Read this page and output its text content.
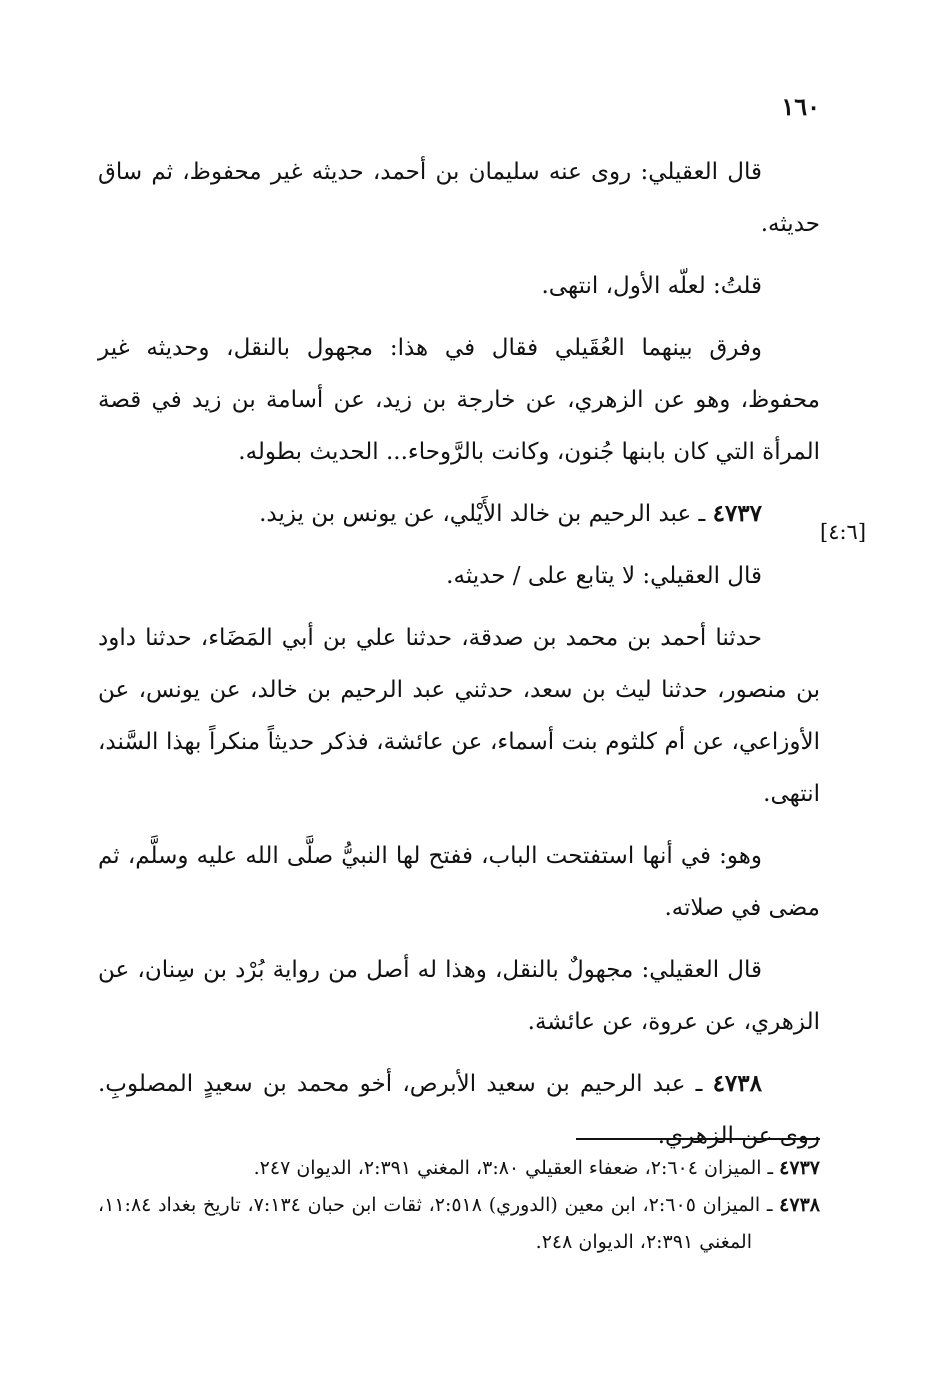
١٦٠

قال العقيلي: روى عنه سليمان بن أحمد، حديثه غير محفوظ، ثم ساق حديثه.

قلتُ: لعلّه الأول، انتهى.

وفرق بينهما العُقَيلي فقال في هذا: مجهول بالنقل، وحديثه غير محفوظ، وهو عن الزهري، عن خارجة بن زيد، عن أسامة بن زيد في قصة المرأة التي كان بابنها جُنون، وكانت بالرَّوحاء... الحديث بطوله.

٤٧٣٧ ـ عبد الرحيم بن خالد الأَيْلي، عن يونس بن يزيد.

قال العقيلي: لا يتابع على / حديثه.

حدثنا أحمد بن محمد بن صدقة، حدثنا علي بن أبي المَضَاء، حدثنا داود بن منصور، حدثنا ليث بن سعد، حدثني عبد الرحيم بن خالد، عن يونس، عن الأوزاعي، عن أم كلثوم بنت أسماء، عن عائشة، فذكر حديثاً منكراً بهذا السَّند، انتهى.

وهو: في أنها استفتحت الباب، ففتح لها النبيُّ صلَّى الله عليه وسلَّم، ثم مضى في صلاته.

قال العقيلي: مجهولٌ بالنقل، وهذا له أصل من رواية بُرْد بن سِنان، عن الزهري، عن عروة، عن عائشة.

٤٧٣٨ ـ عبد الرحيم بن سعيد الأبرص، أخو محمد بن سعيدٍ المصلوبِ. روى عن الزهري.

[٤:٦]

٤٧٣٧ ـ الميزان ٢:٦٠٤، ضعفاء العقيلي ٣:٨٠، المغني ٢:٣٩١، الديوان ٢٤٧.

٤٧٣٨ ـ الميزان ٢:٦٠٥، ابن معين (الدوري) ٢:٥١٨، ثقات ابن حبان ٧:١٣٤، تاريخ بغداد ١١:٨٤، المغني ٢:٣٩١، الديوان ٢٤٨.
